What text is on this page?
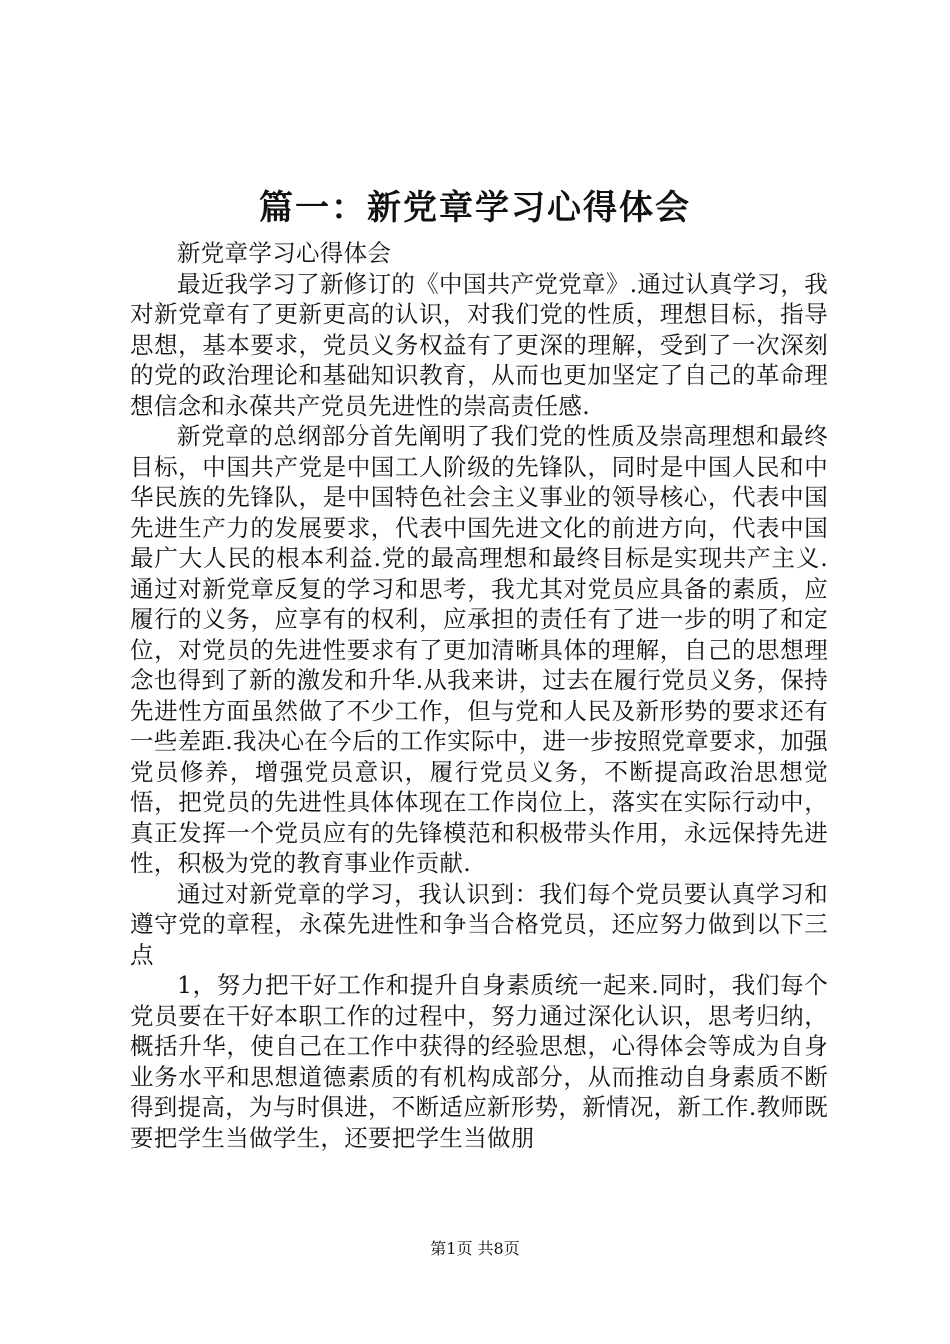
篇一：新党章学习心得体会

新党章学习心得体会

最近我学习了新修订的《中国共产党党章》.通过认真学习，我对新党章有了更新更高的认识，对我们党的性质，理想目标，指导思想，基本要求，党员义务权益有了更深的理解，受到了一次深刻的党的政治理论和基础知识教育，从而也更加坚定了自己的革命理想信念和永葆共产党员先进性的崇高责任感.

新党章的总纲部分首先阐明了我们党的性质及崇高理想和最终目标，中国共产党是中国工人阶级的先锋队，同时是中国人民和中华民族的先锋队，是中国特色社会主义事业的领导核心，代表中国先进生产力的发展要求，代表中国先进文化的前进方向，代表中国最广大人民的根本利益.党的最高理想和最终目标是实现共产主义.通过对新党章反复的学习和思考，我尤其对党员应具备的素质，应履行的义务，应享有的权利，应承担的责任有了进一步的明了和定位，对党员的先进性要求有了更加清晰具体的理解，自己的思想理念也得到了新的激发和升华.从我来讲，过去在履行党员义务，保持先进性方面虽然做了不少工作，但与党和人民及新形势的要求还有一些差距.我决心在今后的工作实际中，进一步按照党章要求，加强党员修养，增强党员意识，履行党员义务，不断提高政治思想觉悟，把党员的先进性具体体现在工作岗位上，落实在实际行动中，真正发挥一个党员应有的先锋模范和积极带头作用，永远保持先进性，积极为党的教育事业作贡献.

通过对新党章的学习，我认识到：我们每个党员要认真学习和遵守党的章程，永葆先进性和争当合格党员，还应努力做到以下三点

1，努力把干好工作和提升自身素质统一起来.同时，我们每个党员要在干好本职工作的过程中，努力通过深化认识，思考归纳，概括升华，使自己在工作中获得的经验思想，心得体会等成为自身业务水平和思想道德素质的有机构成部分，从而推动自身素质不断得到提高，为与时俱进，不断适应新形势，新情况，新工作.教师既要把学生当做学生，还要把学生当做朋

第1页 共8页
